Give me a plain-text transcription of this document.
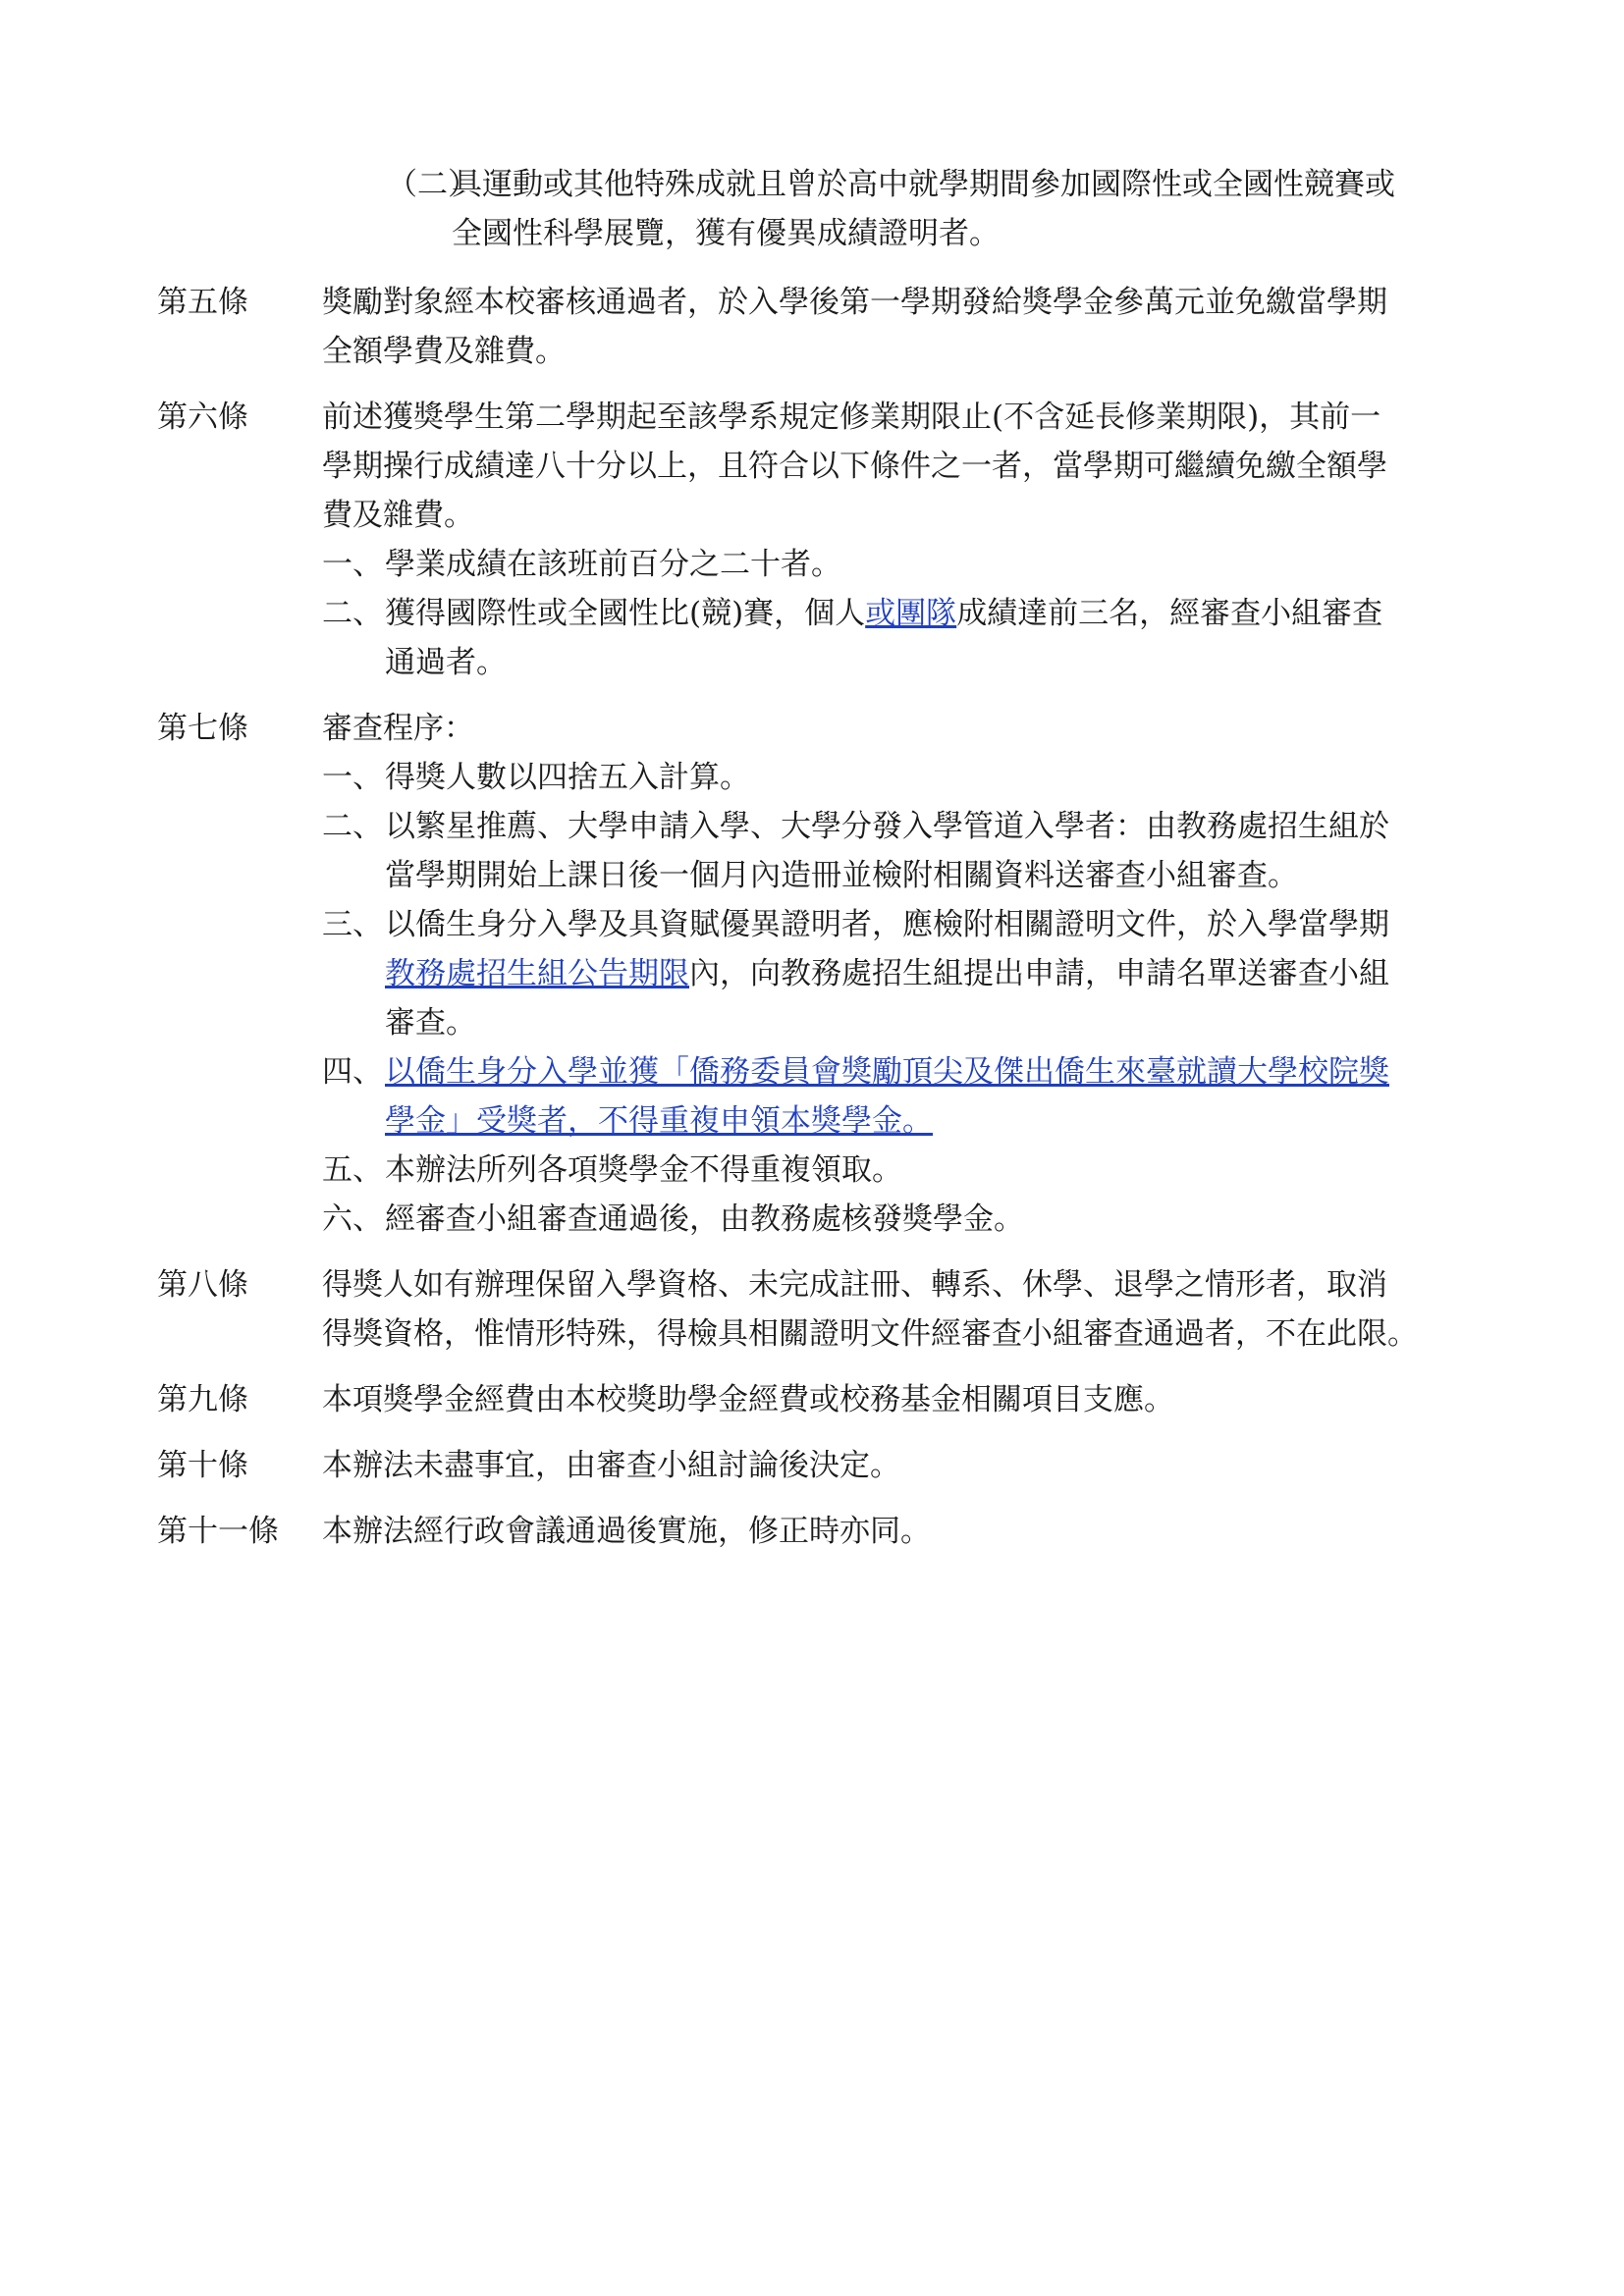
（二）
具運動或其他特殊成就且曾於高中就學期間參加國際性或全國性競賽或
全國性科學展覽，獲有優異成績證明者。
第五條 獎勵對象經本校審核通過者，於入學後第一學期發給獎學金參萬元並免繳當學期
全額學費及雜費。
第六條 前述獲獎學生第二學期起至該學系規定修業期限止(不含延長修業期限)，其前一
學期操行成績達八十分以上，且符合以下條件之一者，當學期可繼續免繳全額學
費及雜費。
一、 學業成績在該班前百分之二十者。
二、 獲得國際性或全國性比(競)賽，個人或團隊成績達前三名，經審查小組審查
通過者。
第七條 審查程序：
一、 得獎人數以四捨五入計算。
二、 以繁星推薦、大學申請入學、大學分發入學管道入學者：由教務處招生組於
當學期開始上課日後一個月內造冊並檢附相關資料送審查小組審查。
三、 以僑生身分入學及具資賦優異證明者，應檢附相關證明文件，於入學當學期
教務處招生組公告期限內，向教務處招生組提出申請，申請名單送審查小組
審查。
四、 以僑生身分入學並獲「僑務委員會獎勵頂尖及傑出僑生來臺就讀大學校院獎
學金」受獎者，不得重複申領本獎學金。
五、 本辦法所列各項獎學金不得重複領取。
六、 經審查小組審查通過後，由教務處核發獎學金。
第八條 得獎人如有辦理保留入學資格、未完成註冊、轉系、休學、退學之情形者，取消
得獎資格，惟情形特殊，得檢具相關證明文件經審查小組審查通過者，不在此限。
第九條 本項獎學金經費由本校獎助學金經費或校務基金相關項目支應。
第十條 本辦法未盡事宜，由審查小組討論後決定。
第十一條 本辦法經行政會議通過後實施，修正時亦同。
